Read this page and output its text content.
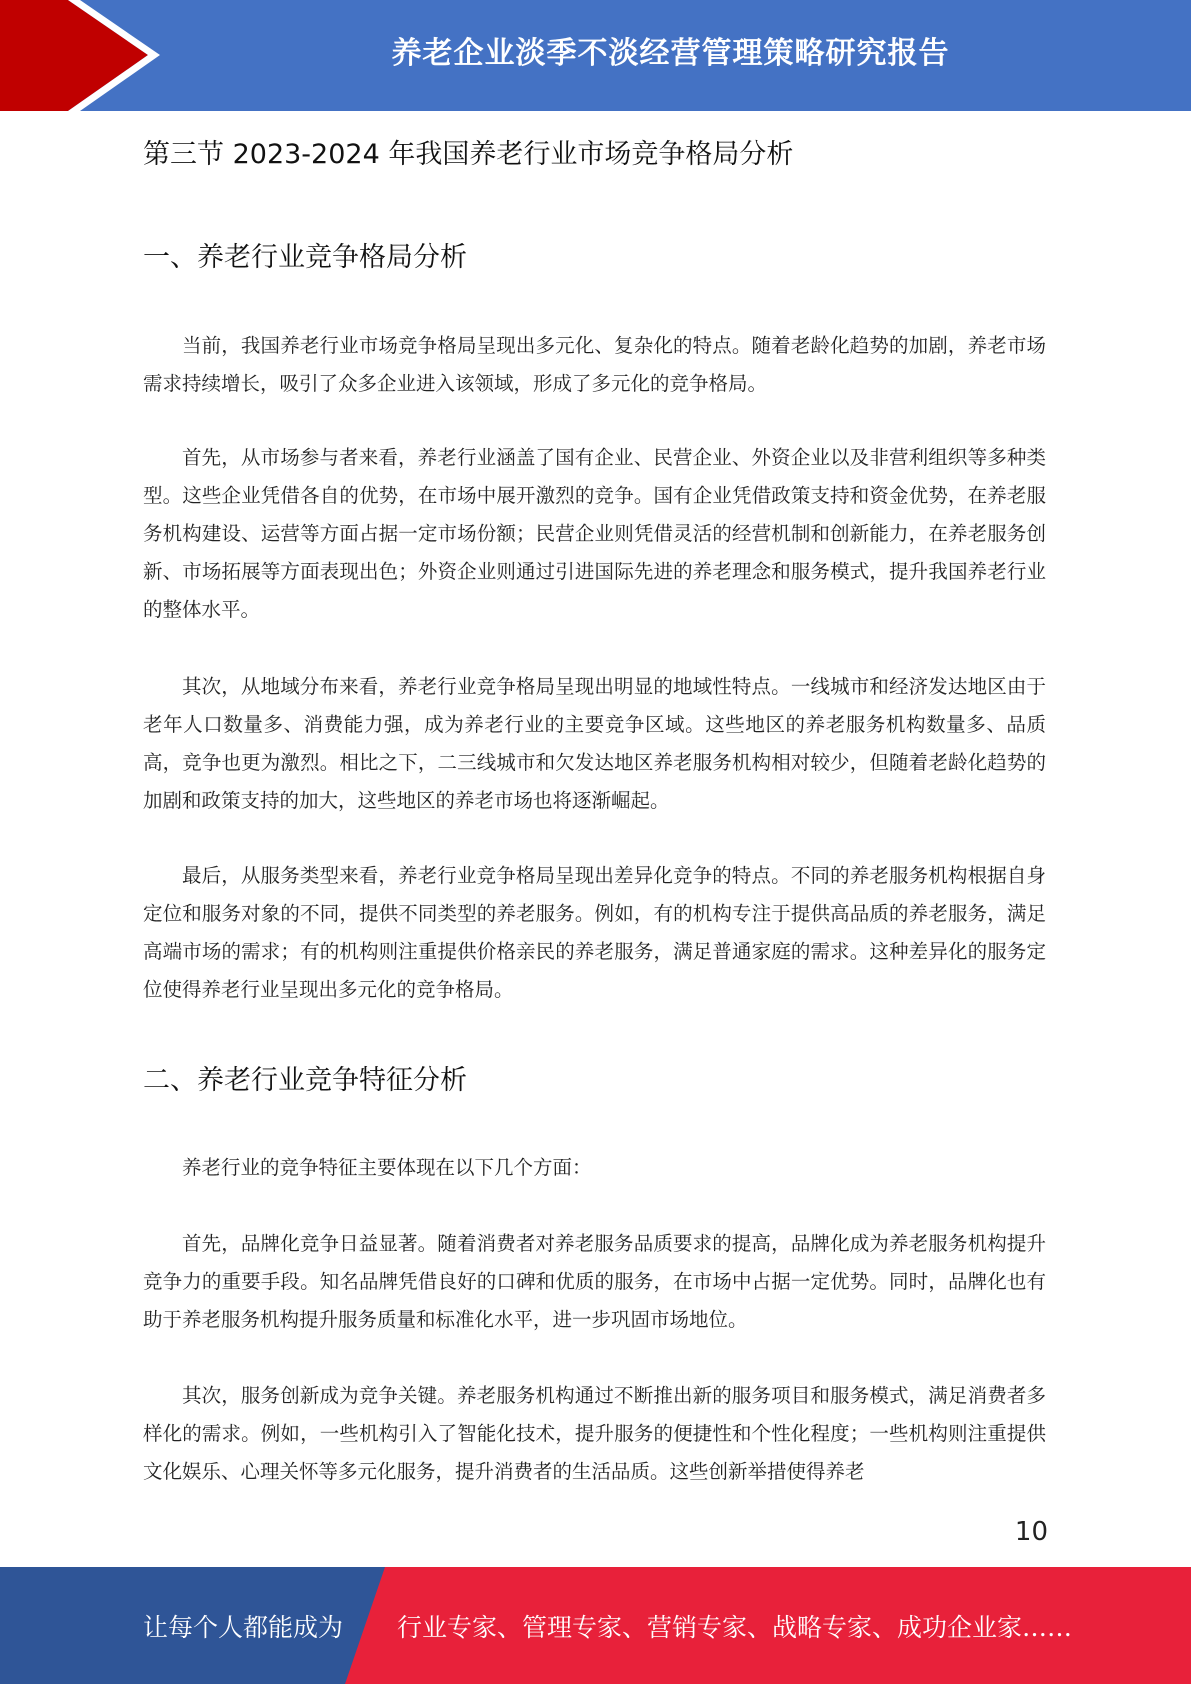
养老企业淡季不淡经营管理策略研究报告
第三节 2023-2024 年我国养老行业市场竞争格局分析
一、养老行业竞争格局分析

当前，我国养老行业市场竞争格局呈现出多元化、复杂化的特点。随着老龄化趋势的加剧，养老市场需求持续增长，吸引了众多企业进入该领域，形成了多元化的竞争格局。

首先，从市场参与者来看，养老行业涵盖了国有企业、民营企业、外资企业以及非营利组织等多种类型。这些企业凭借各自的优势，在市场中展开激烈的竞争。国有企业凭借政策支持和资金优势，在养老服务机构建设、运营等方面占据一定市场份额；民营企业则凭借灵活的经营机制和创新能力，在养老服务创新、市场拓展等方面表现出色；外资企业则通过引进国际先进的养老理念和服务模式，提升我国养老行业的整体水平。

其次，从地域分布来看，养老行业竞争格局呈现出明显的地域性特点。一线城市和经济发达地区由于老年人口数量多、消费能力强，成为养老行业的主要竞争区域。这些地区的养老服务机构数量多、品质高，竞争也更为激烈。相比之下，二三线城市和欠发达地区养老服务机构相对较少，但随着老龄化趋势的加剧和政策支持的加大，这些地区的养老市场也将逐渐崛起。

最后，从服务类型来看，养老行业竞争格局呈现出差异化竞争的特点。不同的养老服务机构根据自身定位和服务对象的不同，提供不同类型的养老服务。例如，有的机构专注于提供高品质的养老服务，满足高端市场的需求；有的机构则注重提供价格亲民的养老服务，满足普通家庭的需求。这种差异化的服务定位使得养老行业呈现出多元化的竞争格局。

二、养老行业竞争特征分析

养老行业的竞争特征主要体现在以下几个方面：

首先，品牌化竞争日益显著。随着消费者对养老服务品质要求的提高，品牌化成为养老服务机构提升竞争力的重要手段。知名品牌凭借良好的口碑和优质的服务，在市场中占据一定优势。同时，品牌化也有助于养老服务机构提升服务质量和标准化水平，进一步巩固市场地位。

其次，服务创新成为竞争关键。养老服务机构通过不断推出新的服务项目和服务模式，满足消费者多样化的需求。例如，一些机构引入了智能化技术，提升服务的便捷性和个性化程度；一些机构则注重提供文化娱乐、心理关怀等多元化服务，提升消费者的生活品质。这些创新举措使得养老

10
让每个人都能成为 行业专家、管理专家、营销专家、战略专家、成功企业家……
